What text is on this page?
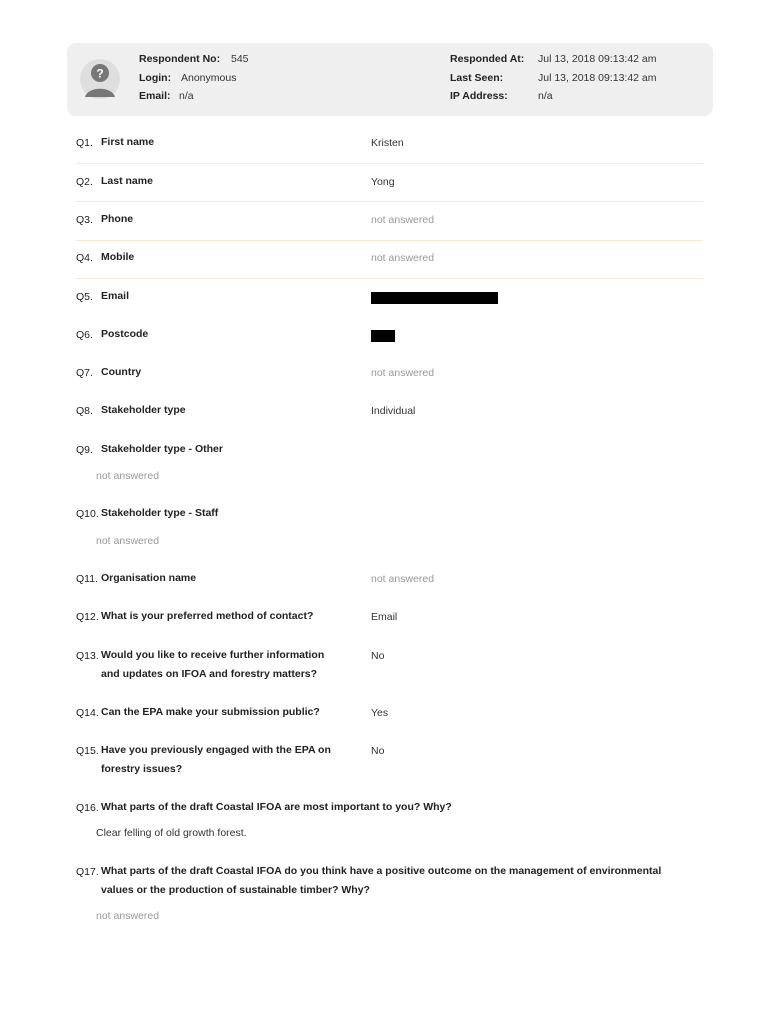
?
Respondent No: 545
Login: Anonymous
Email: n/a
Responded At: Jul 13, 2018 09:13:42 am
Last Seen:	Jul 13, 2018 09:13:42 am
IP Address:	n/a
Q1. First name	Kristen
Q2. Last name	Yong
Q3. Phone	not answered
Q4. Mobile	not answered
Q5. Email
Q6. Postcode
Q7. Country	not answered
Q8. Stakeholder type	Individual
Q9. Stakeholder type - Other
not answered
Q10. Stakeholder type - Staff
not answered
Q11. Organisation name	not answered
Q12. What is your preferred method of contact?	Email
Q13. Would you like to receive further information
and updates on IFOA and forestry matters?
No
Q14. Can the EPA make your submission public?	Yes
Q15. Have you previously engaged with the EPA on
forestry issues?
No
Q16. What parts of the draft Coastal IFOA are most important to you? Why?
Clear felling of old growth forest.
Q17. What parts of the draft Coastal IFOA do you think have a positive outcome on the management of environmental
values or the production of sustainable timber? Why?
not answered
